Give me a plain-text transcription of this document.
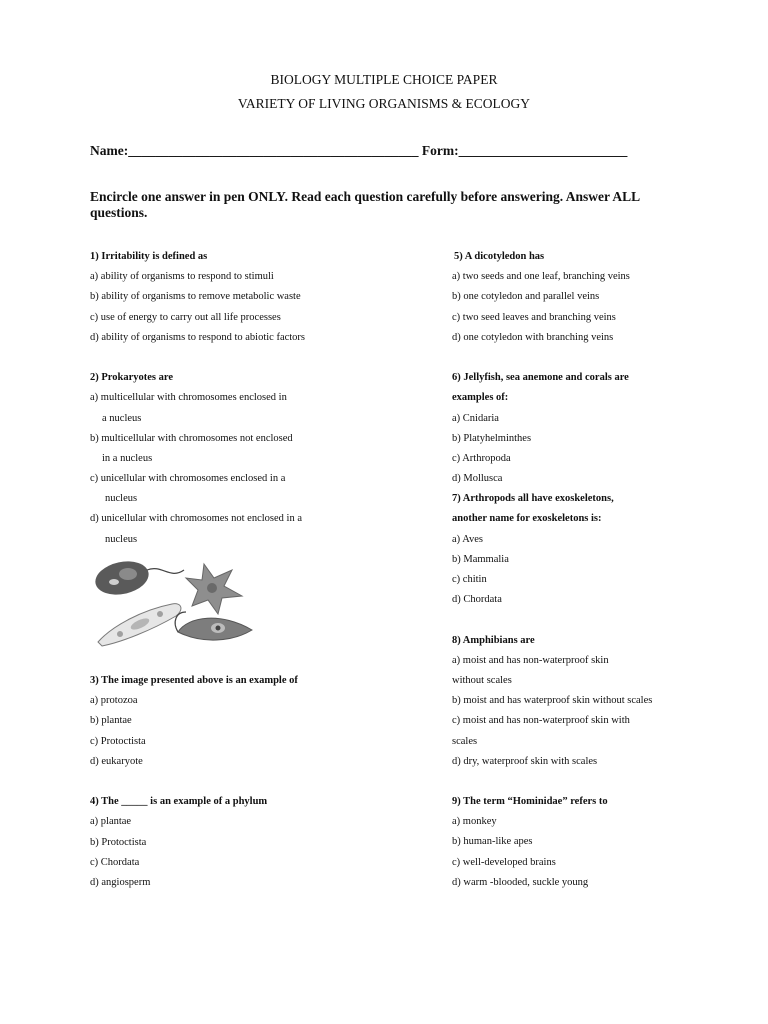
BIOLOGY MULTIPLE CHOICE PAPER
VARIETY OF LIVING ORGANISMS & ECOLOGY
Name:___________________________________________ Form:_________________________
Encircle one answer in pen ONLY. Read each question carefully before answering. Answer ALL questions.
1) Irritability is defined as
a) ability of organisms to respond to stimuli
b) ability of organisms to remove metabolic waste
c) use of energy to carry out all life processes
d) ability of organisms to respond to abiotic factors
2) Prokaryotes are
a) multicellular with chromosomes enclosed in
a nucleus
b) multicellular with chromosomes not enclosed
in a nucleus
c) unicellular with chromosomes enclosed in a
nucleus
d) unicellular with chromosomes not enclosed in a
nucleus
3) The image presented above is an example of
a) protozoa
b) plantae
c) Protoctista
d) eukaryote
4) The _____ is an example of a phylum
a) plantae
b) Protoctista
c) Chordata
d) angiosperm
5) A dicotyledon has
a) two seeds and one leaf, branching veins
b) one cotyledon and parallel veins
c) two seed leaves and branching veins
d) one cotyledon with branching veins
6) Jellyfish, sea anemone and corals are
examples of:
a) Cnidaria
b) Platyhelminthes
c) Arthropoda
d) Mollusca
7) Arthropods all have exoskeletons,
another name for exoskeletons is:
a) Aves
b) Mammalia
c) chitin
d) Chordata
8) Amphibians are
a) moist and has non-waterproof skin
without scales
b) moist and has waterproof skin without scales
c) moist and has non-waterproof skin with
scales
d) dry, waterproof skin with scales
9) The term “Hominidae” refers to
a) monkey
b) human-like apes
c) well-developed brains
d) warm -blooded, suckle young
